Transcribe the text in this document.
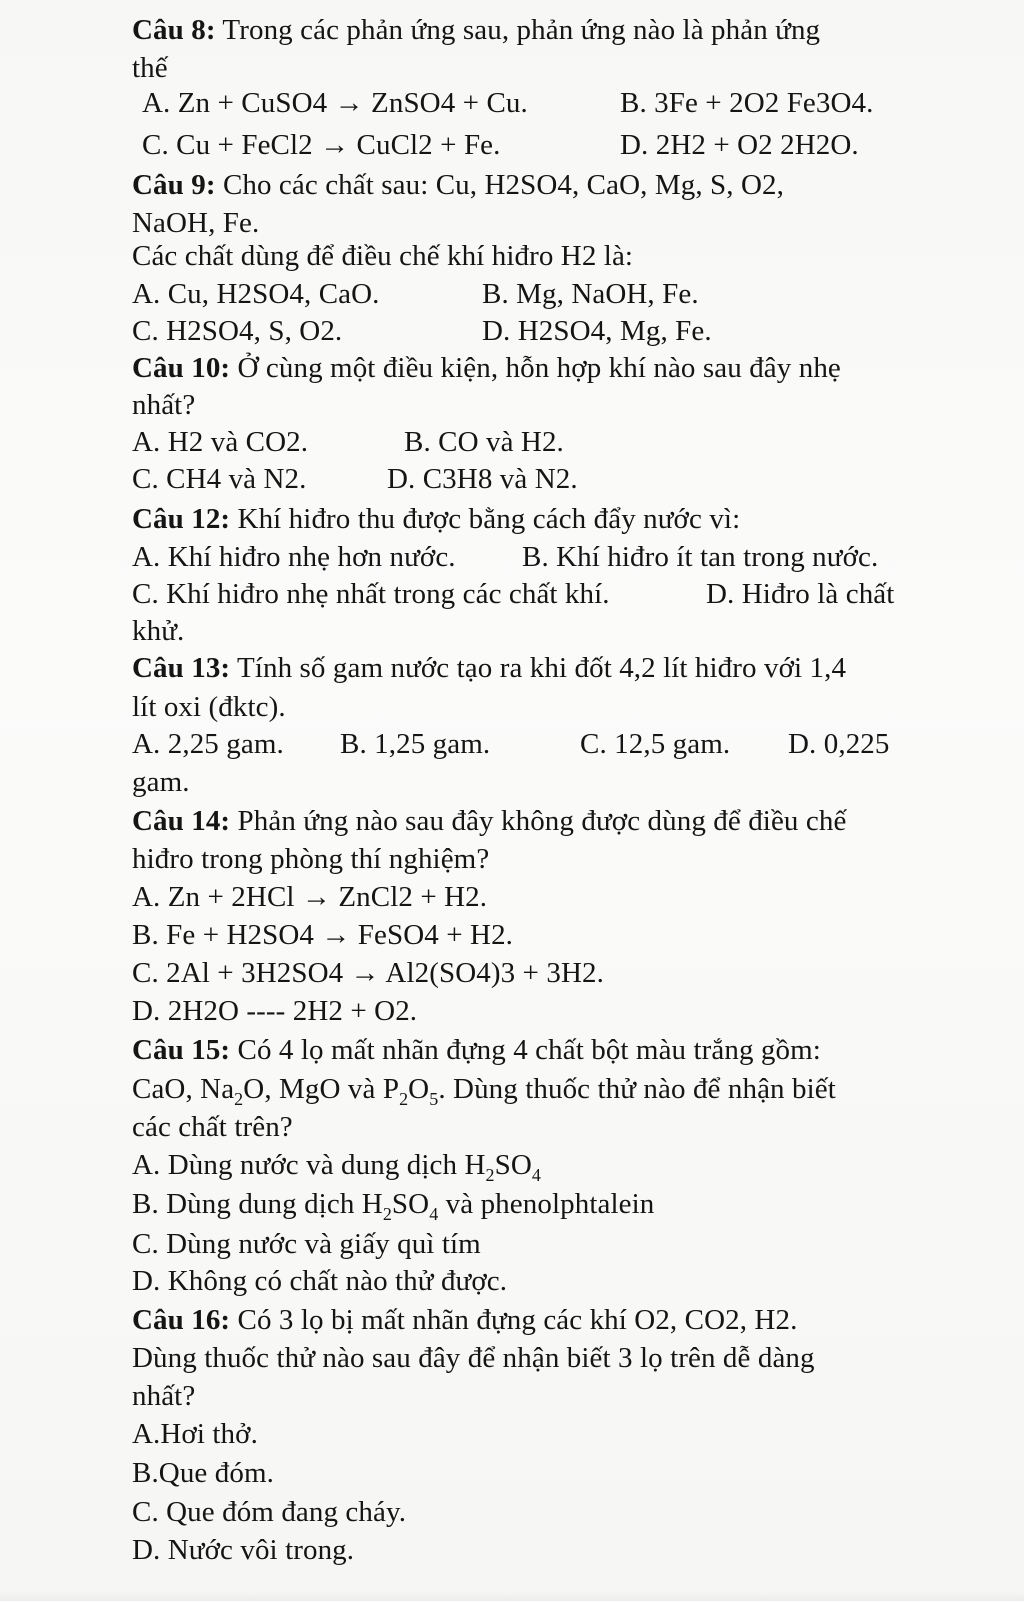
Câu 8: Trong các phản ứng sau, phản ứng nào là phản ứng
thế
A. Zn + CuSO4 → ZnSO4 + Cu.	B. 3Fe + 2O2 Fe3O4.
C. Cu + FeCl2 → CuCl2 + Fe.	D. 2H2 + O2 2H2O.
Câu 9: Cho các chất sau: Cu, H2SO4, CaO, Mg, S, O2,
NaOH, Fe.
Các chất dùng để điều chế khí hiđro H2 là:
A. Cu, H2SO4, CaO.	B. Mg, NaOH, Fe.
C. H2SO4, S, O2.	D. H2SO4, Mg, Fe.
Câu 10: Ở cùng một điều kiện, hỗn hợp khí nào sau đây nhẹ
nhất?
A. H2 và CO2.	B. CO và H2.
C. CH4 và N2.	D. C3H8 và N2.
Câu 12: Khí hiđro thu được bằng cách đẩy nước vì:
A. Khí hiđro nhẹ hơn nước. B. Khí hiđro ít tan trong nước.
C. Khí hiđro nhẹ nhất trong các chất khí.	D. Hiđro là chất
khử.
Câu 13: Tính số gam nước tạo ra khi đốt 4,2 lít hiđro với 1,4
lít oxi (đktc).
A. 2,25 gam. B. 1,25 gam.	C. 12,5 gam. D. 0,225
gam.
Câu 14: Phản ứng nào sau đây không được dùng để điều chế
hiđro trong phòng thí nghiệm?
A. Zn + 2HCl → ZnCl2 + H2.
B. Fe + H2SO4 → FeSO4 + H2.
C. 2Al + 3H2SO4 → Al2(SO4)3 + 3H2.
D. 2H2O ---- 2H2 + O2.
Câu 15: Có 4 lọ mất nhãn đựng 4 chất bột màu trắng gồm:
CaO, $Na_2O$, MgO và $P_2O_5$. Dùng thuốc thử nào để nhận biết
các chất trên?
A. Dùng nước và dung dịch $H_2SO_4$
B. Dùng dung dịch $H_2SO_4$ và phenolphtalein
C. Dùng nước và giấy quì tím
D. Không có chất nào thử được.
Câu 16: Có 3 lọ bị mất nhãn đựng các khí O2, CO2, H2.
Dùng thuốc thử nào sau đây để nhận biết 3 lọ trên dễ dàng
nhất?
A.Hơi thở.
B.Que đóm.
C. Que đóm đang cháy.
D. Nước vôi trong.
